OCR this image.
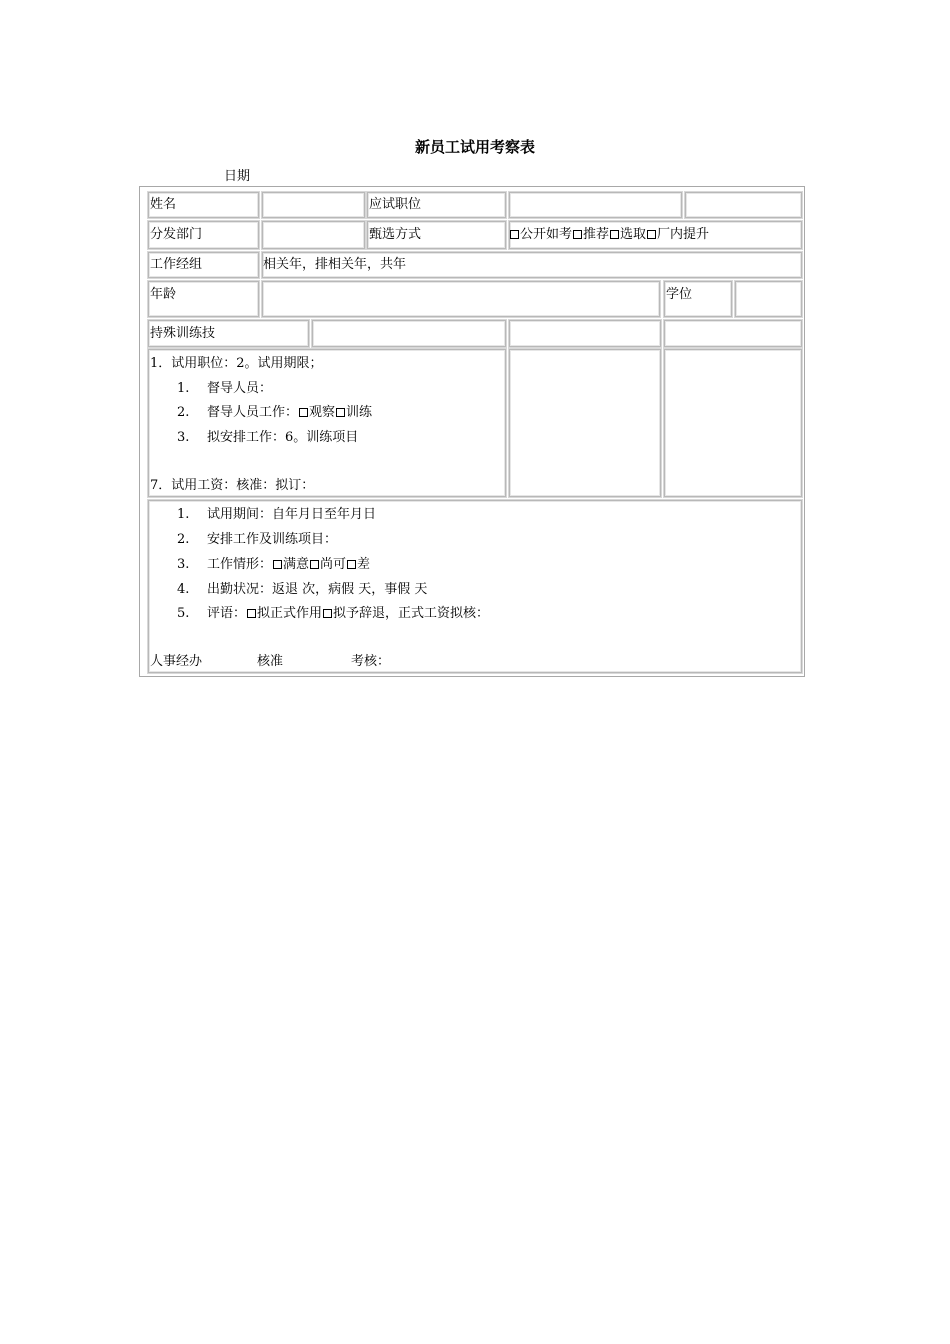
新员工试用考察表
日期
姓名	应试职位
分发部门	甄选方式	公开如考 推荐 选取 厂内提升
工作经组	相关年，排相关年，共年
年龄	学位
持殊训练技
1．试用职位：2。试用期限；
1. 督导人员：
2. 督导人员工作： 观察 训练
3. 拟安排工作：6。训练项目
7．试用工资：核准：拟订：
1. 试用期间：自年月日至年月日
2. 安排工作及训练项目：
3. 工作情形： 满意 尚可 差
4. 出勤状况：返退 次，病假 天，事假 天
5. 评语： 拟正式作用 拟予辞退，正式工资拟核：
人事经办	核准	考核：
